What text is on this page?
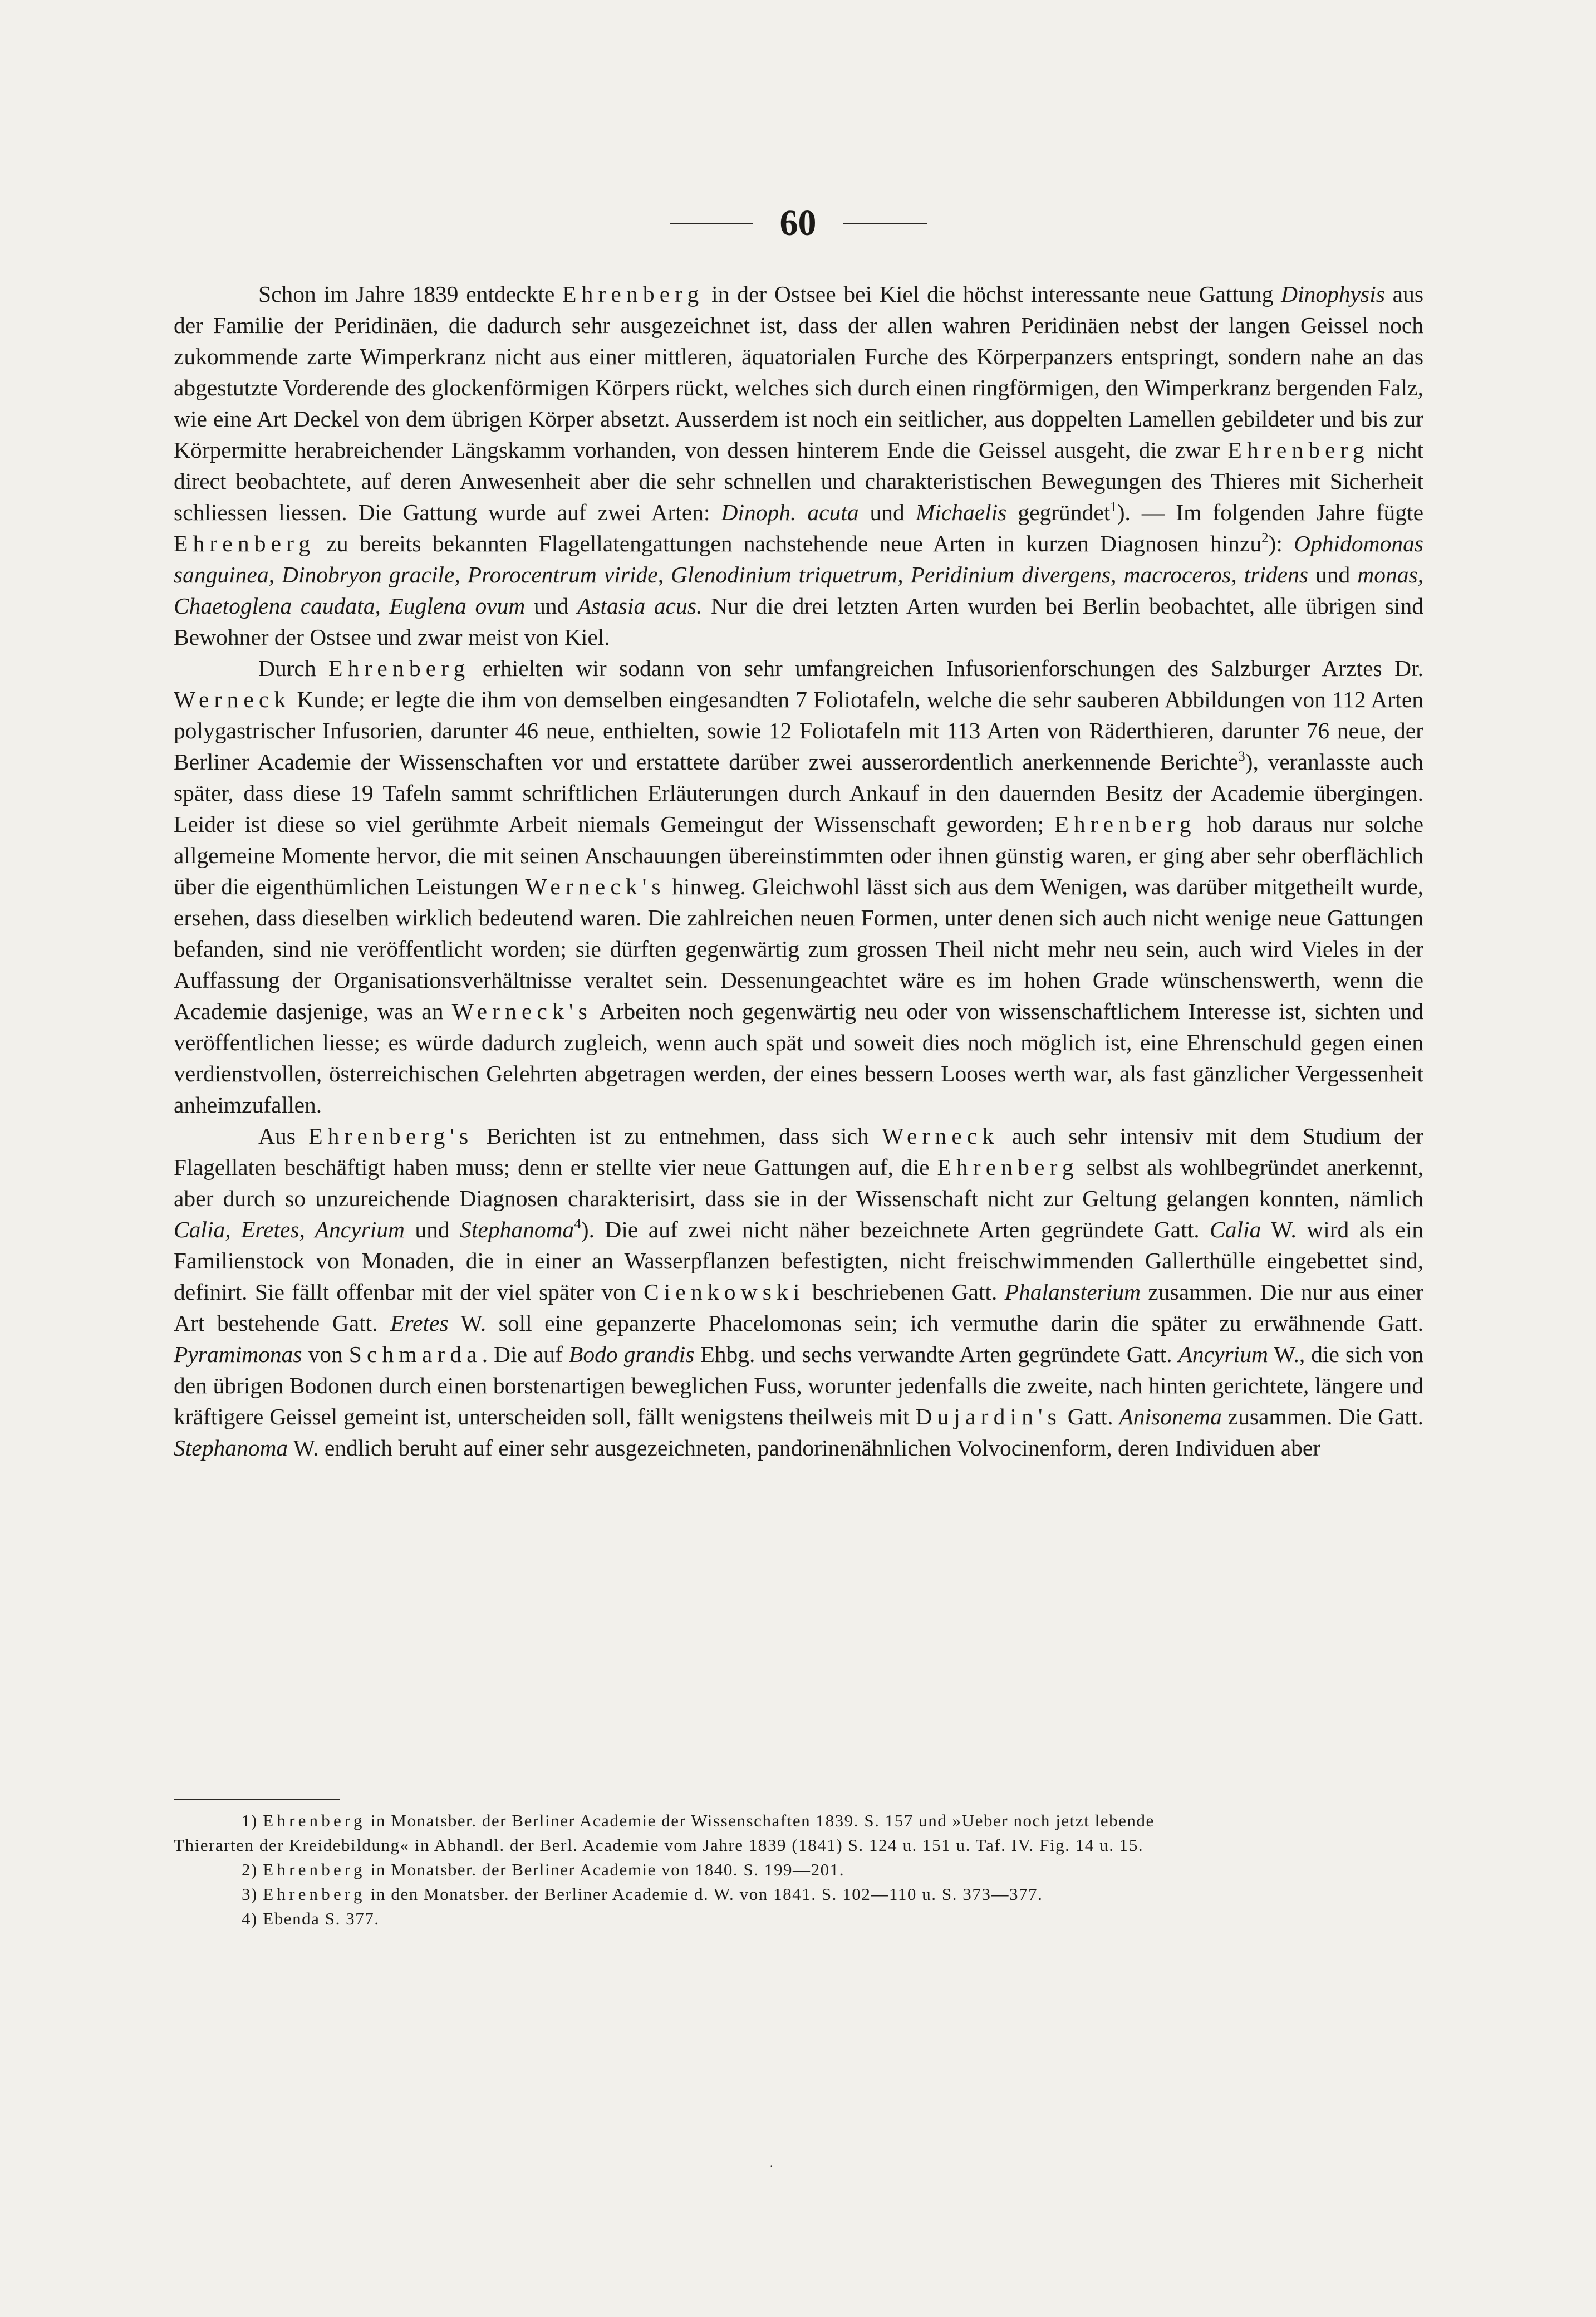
60

Schon im Jahre 1839 entdeckte Ehrenberg in der Ostsee bei Kiel die höchst interessante neue Gattung Dinophysis aus der Familie der Peridinäen, die dadurch sehr ausgezeichnet ist, dass der allen wahren Peridinäen nebst der langen Geissel noch zukommende zarte Wimperkranz nicht aus einer mittleren, äquatorialen Furche des Körperpanzers entspringt, sondern nahe an das abgestutzte Vorderende des glockenförmigen Körpers rückt, welches sich durch einen ringförmigen, den Wimperkranz bergenden Falz, wie eine Art Deckel von dem übrigen Körper absetzt. Ausserdem ist noch ein seitlicher, aus doppelten Lamellen gebildeter und bis zur Körpermitte herabreichender Längskamm vorhanden, von dessen hinterem Ende die Geissel ausgeht, die zwar Ehrenberg nicht direct beobachtete, auf deren Anwesenheit aber die sehr schnellen und charakteristischen Bewegungen des Thieres mit Sicherheit schliessen liessen. Die Gattung wurde auf zwei Arten: Dinoph. acuta und Michaelis gegründet$^1$). — Im folgenden Jahre fügte Ehrenberg zu bereits bekannten Flagellatengattungen nachstehende neue Arten in kurzen Diagnosen hinzu$^2$): Ophidomonas sanguinea, Dinobryon gracile, Prorocentrum viride, Glenodinium triquetrum, Peridinium divergens, macroceros, tridens und monas, Chaetoglena caudata, Euglena ovum und Astasia acus. Nur die drei letzten Arten wurden bei Berlin beobachtet, alle übrigen sind Bewohner der Ostsee und zwar meist von Kiel.

Durch Ehrenberg erhielten wir sodann von sehr umfangreichen Infusorienforschungen des Salzburger Arztes Dr. Werneck Kunde; er legte die ihm von demselben eingesandten 7 Foliotafeln, welche die sehr sauberen Abbildungen von 112 Arten polygastrischer Infusorien, darunter 46 neue, enthielten, sowie 12 Foliotafeln mit 113 Arten von Räderthieren, darunter 76 neue, der Berliner Academie der Wissenschaften vor und erstattete darüber zwei ausserordentlich anerkennende Berichte$^3$), veranlasste auch später, dass diese 19 Tafeln sammt schriftlichen Erläuterungen durch Ankauf in den dauernden Besitz der Academie übergingen. Leider ist diese so viel gerühmte Arbeit niemals Gemeingut der Wissenschaft geworden; Ehrenberg hob daraus nur solche allgemeine Momente hervor, die mit seinen Anschauungen übereinstimmten oder ihnen günstig waren, er ging aber sehr oberflächlich über die eigenthümlichen Leistungen Werneck's hinweg. Gleichwohl lässt sich aus dem Wenigen, was darüber mitgetheilt wurde, ersehen, dass dieselben wirklich bedeutend waren. Die zahlreichen neuen Formen, unter denen sich auch nicht wenige neue Gattungen befanden, sind nie veröffentlicht worden; sie dürften gegenwärtig zum grossen Theil nicht mehr neu sein, auch wird Vieles in der Auffassung der Organisationsverhältnisse veraltet sein. Dessenungeachtet wäre es im hohen Grade wünschenswerth, wenn die Academie dasjenige, was an Werneck's Arbeiten noch gegenwärtig neu oder von wissenschaftlichem Interesse ist, sichten und veröffentlichen liesse; es würde dadurch zugleich, wenn auch spät und soweit dies noch möglich ist, eine Ehrenschuld gegen einen verdienstvollen, österreichischen Gelehrten abgetragen werden, der eines bessern Looses werth war, als fast gänzlicher Vergessenheit anheimzufallen.

Aus Ehrenberg's Berichten ist zu entnehmen, dass sich Werneck auch sehr intensiv mit dem Studium der Flagellaten beschäftigt haben muss; denn er stellte vier neue Gattungen auf, die Ehrenberg selbst als wohlbegründet anerkennt, aber durch so unzureichende Diagnosen charakterisirt, dass sie in der Wissenschaft nicht zur Geltung gelangen konnten, nämlich Calia, Eretes, Ancyrium und Stephanoma$^4$). Die auf zwei nicht näher bezeichnete Arten gegründete Gatt. Calia W. wird als ein Familienstock von Monaden, die in einer an Wasserpflanzen befestigten, nicht freischwimmenden Gallerthülle eingebettet sind, definirt. Sie fällt offenbar mit der viel später von Cienkowski beschriebenen Gatt. Phalansterium zusammen. Die nur aus einer Art bestehende Gatt. Eretes W. soll eine gepanzerte Phacelomonas sein; ich vermuthe darin die später zu erwähnende Gatt. Pyramimonas von Schmarda. Die auf Bodo grandis Ehbg. und sechs verwandte Arten gegründete Gatt. Ancyrium W., die sich von den übrigen Bodonen durch einen borstenartigen beweglichen Fuss, worunter jedenfalls die zweite, nach hinten gerichtete, längere und kräftigere Geissel gemeint ist, unterscheiden soll, fällt wenigstens theilweis mit Dujardin's Gatt. Anisonema zusammen. Die Gatt. Stephanoma W. endlich beruht auf einer sehr ausgezeichneten, pandorinenähnlichen Volvocinenform, deren Individuen aber

1) Ehrenberg in Monatsber. der Berliner Academie der Wissenschaften 1839. S. 157 und »Ueber noch jetzt lebende
Thierarten der Kreidebildung« in Abhandl. der Berl. Academie vom Jahre 1839 (1841) S. 124 u. 151 u. Taf. IV. Fig. 14 u. 15.
2) Ehrenberg in Monatsber. der Berliner Academie von 1840. S. 199—201.
3) Ehrenberg in den Monatsber. der Berliner Academie d. W. von 1841. S. 102—110 u. S. 373—377.
4) Ebenda S. 377.
·
